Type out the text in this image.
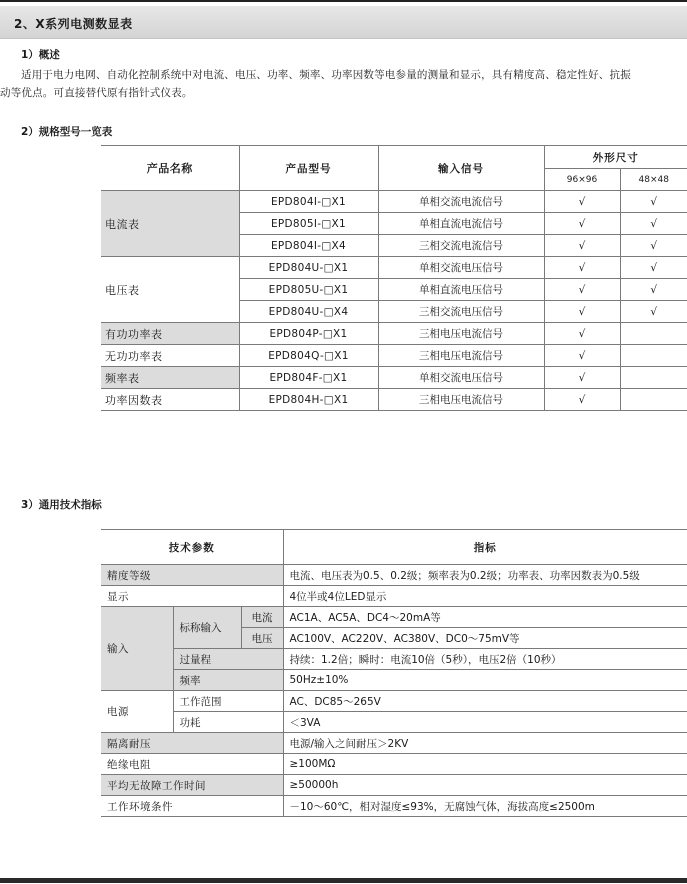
2、X系列电测数显表
1）概述
适用于电力电网、自动化控制系统中对电流、电压、功率、频率、功率因数等电参量的测量和显示，具有精度高、稳定性好、抗振
动等优点。可直接替代原有指针式仪表。
2）规格型号一览表
产品名称	产品型号	输入信号	外形尺寸	
			96×96	48×48
电流表	EPD804I-□X1	单相交流电流信号	√	√
	EPD805I-□X1	单相直流电流信号	√	√
	EPD804I-□X4	三相交流电流信号	√	√
电压表	EPD804U-□X1	单相交流电压信号	√	√
	EPD805U-□X1	单相直流电压信号	√	√
	EPD804U-□X4	三相交流电压信号	√	√
有功功率表	EPD804P-□X1	三相电压电流信号	√	
无功功率表	EPD804Q-□X1	三相电压电流信号	√	
频率表	EPD804F-□X1	单相交流电压信号	√	
功率因数表	EPD804H-□X1	三相电压电流信号	√	
3）通用技术指标
技术参数			指标
精度等级			电流、电压表为0.5、0.2级；频率表为0.2级；功率表、功率因数表为0.5级
显示			4位半或4位LED显示
输入	标称输入	电流	AC1A、AC5A、DC4～20mA等
		电压	AC100V、AC220V、AC380V、DC0～75mV等
	过量程		持续：1.2倍；瞬时：电流10倍（5秒），电压2倍（10秒）
	频率		50Hz±10%
电源	工作范围		AC、DC85～265V
	功耗		＜3VA
隔离耐压			电源/输入之间耐压＞2KV
绝缘电阻			≥100MΩ
平均无故障工作时间			≥50000h
工作环境条件			－10～60℃，相对湿度≤93%，无腐蚀气体，海拔高度≤2500m
